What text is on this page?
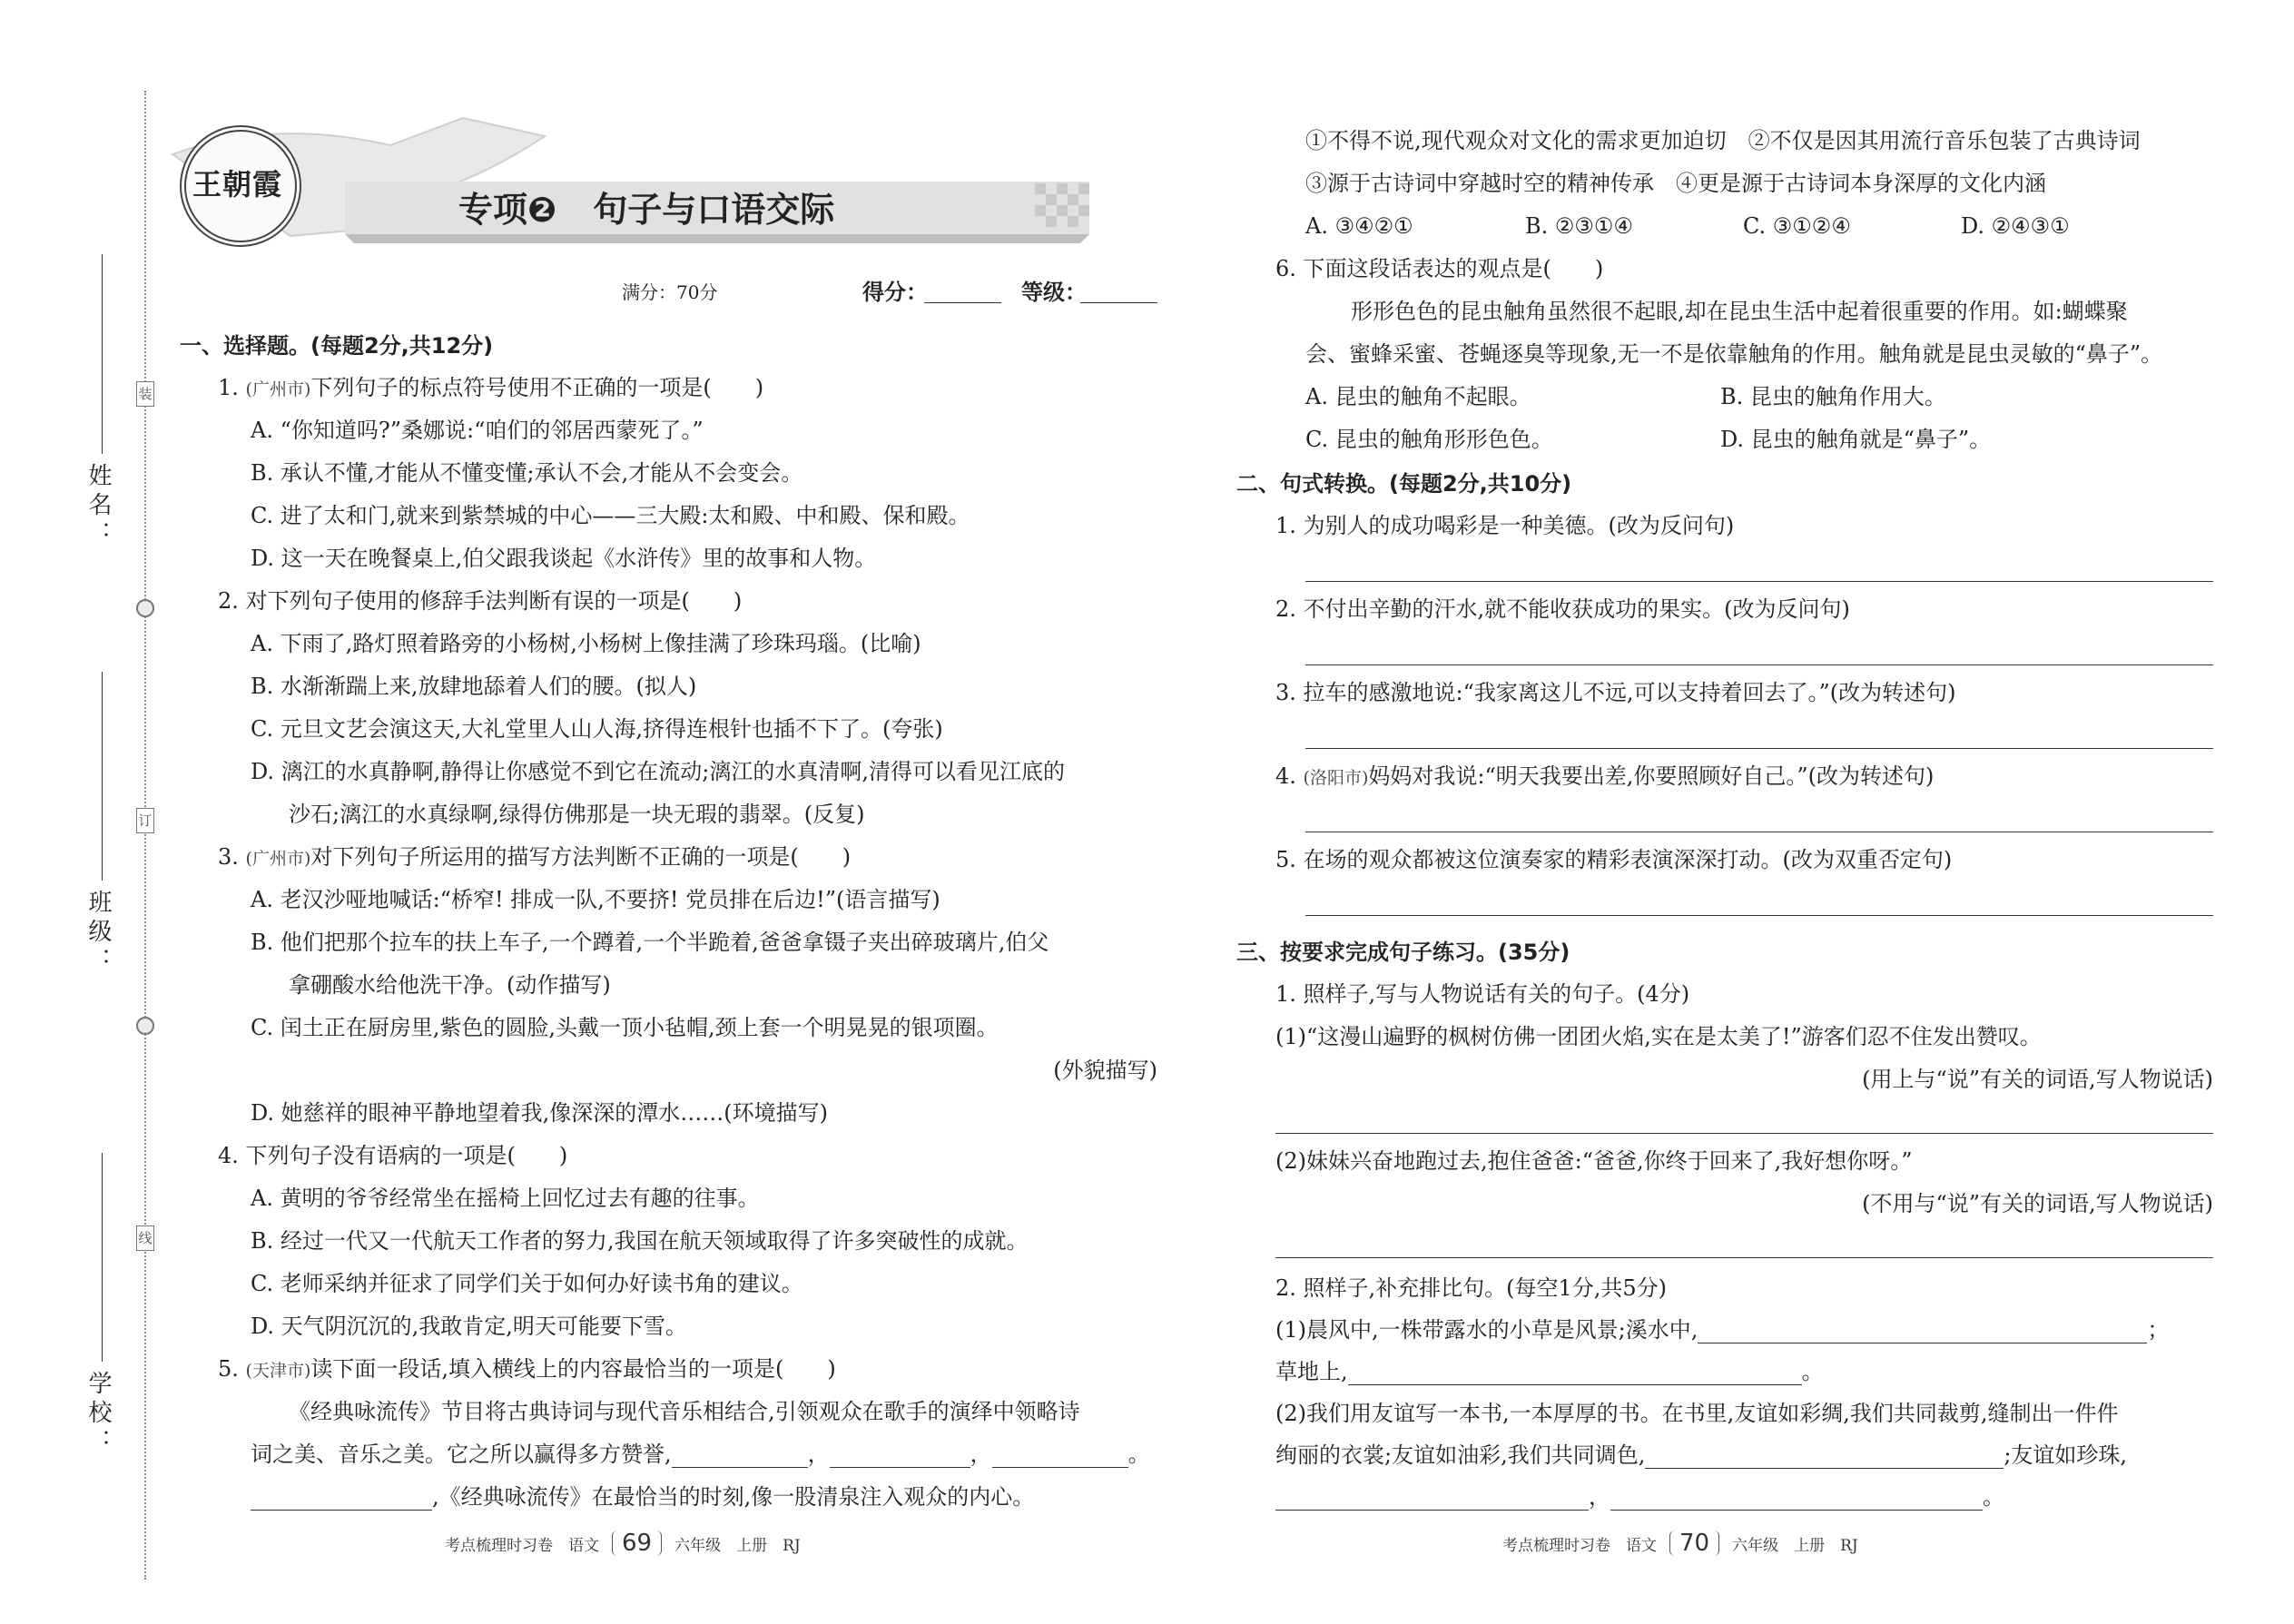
装
订
线
姓名：
班级：
学校：
王朝霞
专项❷ 句子与口语交际
满分：70分	得分：	等级：
一、选择题。(每题2分,共12分)
1. (广州市)下列句子的标点符号使用不正确的一项是(　　)
A. “你知道吗?”桑娜说:“咱们的邻居西蒙死了。”
B. 承认不懂,才能从不懂变懂;承认不会,才能从不会变会。
C. 进了太和门,就来到紫禁城的中心——三大殿:太和殿、中和殿、保和殿。
D. 这一天在晚餐桌上,伯父跟我谈起《水浒传》里的故事和人物。
2. 对下列句子使用的修辞手法判断有误的一项是(　　)
A. 下雨了,路灯照着路旁的小杨树,小杨树上像挂满了珍珠玛瑙。(比喻)
B. 水渐渐踹上来,放肆地舔着人们的腰。(拟人)
C. 元旦文艺会演这天,大礼堂里人山人海,挤得连根针也插不下了。(夸张)
D. 漓江的水真静啊,静得让你感觉不到它在流动;漓江的水真清啊,清得可以看见江底的
沙石;漓江的水真绿啊,绿得仿佛那是一块无瑕的翡翠。(反复)
3. (广州市)对下列句子所运用的描写方法判断不正确的一项是(　　)
A. 老汉沙哑地喊话:“桥窄! 排成一队,不要挤! 党员排在后边!”(语言描写)
B. 他们把那个拉车的扶上车子,一个蹲着,一个半跪着,爸爸拿镊子夹出碎玻璃片,伯父
拿硼酸水给他洗干净。(动作描写)
C. 闰土正在厨房里,紫色的圆脸,头戴一顶小毡帽,颈上套一个明晃晃的银项圈。
(外貌描写)
D. 她慈祥的眼神平静地望着我,像深深的潭水……(环境描写)
4. 下列句子没有语病的一项是(　　)
A. 黄明的爷爷经常坐在摇椅上回忆过去有趣的往事。
B. 经过一代又一代航天工作者的努力,我国在航天领域取得了许多突破性的成就。
C. 老师采纳并征求了同学们关于如何办好读书角的建议。
D. 天气阴沉沉的,我敢肯定,明天可能要下雪。
5. (天津市)读下面一段话,填入横线上的内容最恰当的一项是(　　)
《经典咏流传》节目将古典诗词与现代音乐相结合,引领观众在歌手的演绎中领略诗
词之美、音乐之美。它之所以赢得多方赞誉,	，	，	。
,《经典咏流传》在最恰当的时刻,像一股清泉注入观众的内心。
考点梳理时习卷　语文 69 六年级　上册　RJ
①不得不说,现代观众对文化的需求更加迫切　②不仅是因其用流行音乐包装了古典诗词
③源于古诗词中穿越时空的精神传承　④更是源于古诗词本身深厚的文化内涵
A. ③④②①	B. ②③①④	C. ③①②④	D. ②④③①
6. 下面这段话表达的观点是(　　)
形形色色的昆虫触角虽然很不起眼,却在昆虫生活中起着很重要的作用。如:蝴蝶聚
会、蜜蜂采蜜、苍蝇逐臭等现象,无一不是依靠触角的作用。触角就是昆虫灵敏的“鼻子”。
A. 昆虫的触角不起眼。	B. 昆虫的触角作用大。
C. 昆虫的触角形形色色。	D. 昆虫的触角就是“鼻子”。
二、句式转换。(每题2分,共10分)
1. 为别人的成功喝彩是一种美德。(改为反问句)
2. 不付出辛勤的汗水,就不能收获成功的果实。(改为反问句)
3. 拉车的感激地说:“我家离这儿不远,可以支持着回去了。”(改为转述句)
4. (洛阳市)妈妈对我说:“明天我要出差,你要照顾好自己。”(改为转述句)
5. 在场的观众都被这位演奏家的精彩表演深深打动。(改为双重否定句)
三、按要求完成句子练习。(35分)
1. 照样子,写与人物说话有关的句子。(4分)
(1)“这漫山遍野的枫树仿佛一团团火焰,实在是太美了!”游客们忍不住发出赞叹。
(用上与“说”有关的词语,写人物说话)
(2)妹妹兴奋地跑过去,抱住爸爸:“爸爸,你终于回来了,我好想你呀。”
(不用与“说”有关的词语,写人物说话)
2. 照样子,补充排比句。(每空1分,共5分)
(1)晨风中,一株带露水的小草是风景;溪水中,	；
草地上,	。
(2)我们用友谊写一本书,一本厚厚的书。在书里,友谊如彩绸,我们共同裁剪,缝制出一件件
绚丽的衣裳;友谊如油彩,我们共同调色,	;友谊如珍珠,
，	。
考点梳理时习卷　语文 70 六年级　上册　RJ
